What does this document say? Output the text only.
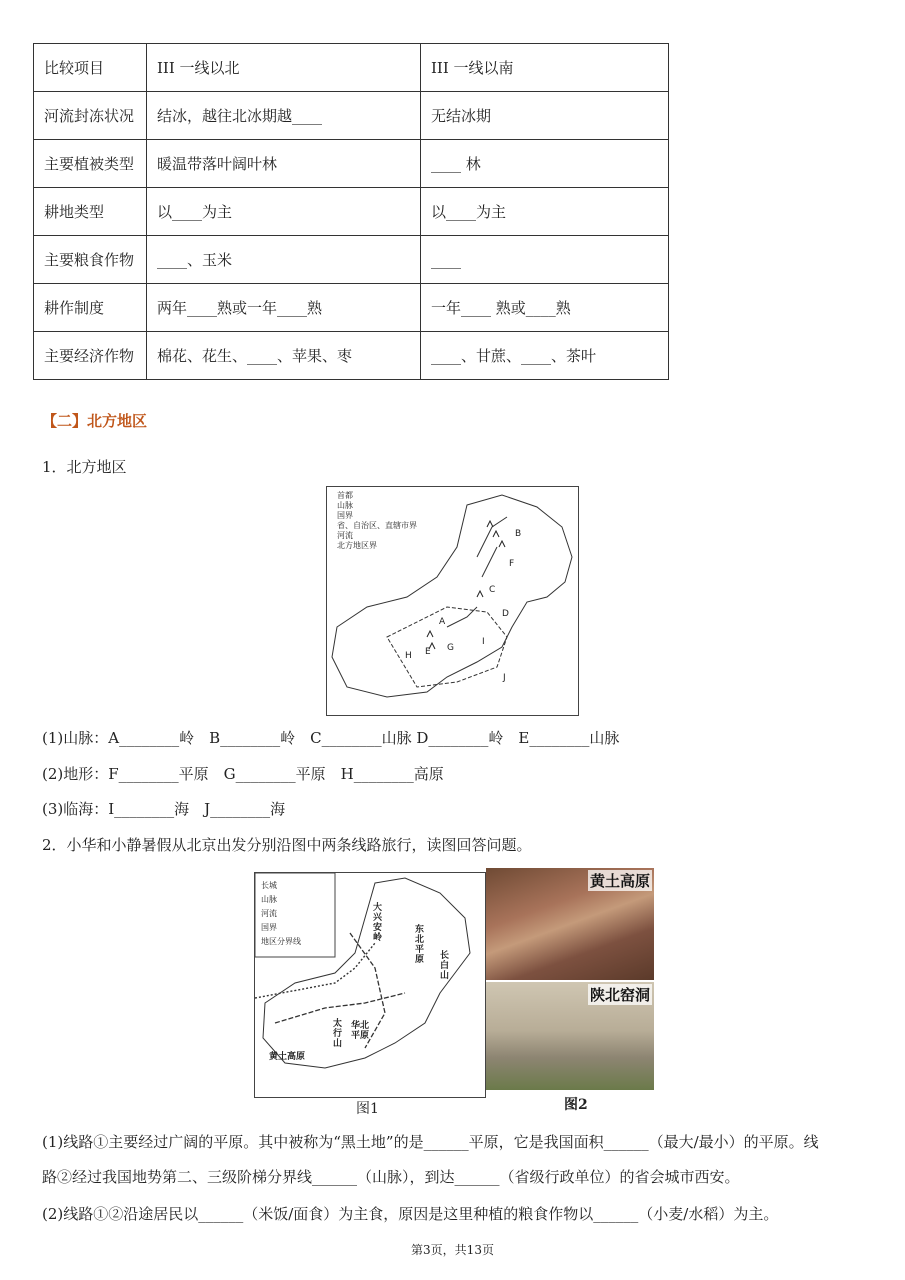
比较项目	III 一线以北	III 一线以南
河流封冻状况	结冰，越往北冰期越____	无结冰期
主要植被类型	暖温带落叶阔叶林	____ 林
耕地类型	以____为主	以____为主
主要粮食作物	____、玉米	____
耕作制度	两年____熟或一年____熟	一年____ 熟或____熟
主要经济作物	棉花、花生、____、苹果、枣	____、甘蔗、____、茶叶
【二】北方地区
1．北方地区
首都
山脉
国界
省、自治区、直辖市界
河流
北方地区界
A
B
C
D
E
F
G
H
I
J
(1)山脉：A________岭　B________岭　C________山脉 D________岭　E________山脉
(2)地形：F________平原　G________平原　H________高原
(3)临海：I________海　J________海
2．小华和小静暑假从北京出发分别沿图中两条线路旅行，读图回答问题。
长城
山脉
河流
国界
地区分界线
大兴安岭
东北平原 长白山
太行山
华北平原
黄土高原
黄土高原
陕北窑洞
图1	图2
(1)线路①主要经过广阔的平原。其中被称为“黑土地”的是______平原，它是我国面积______（最大/最小）的平原。线
路②经过我国地势第二、三级阶梯分界线______（山脉），到达______（省级行政单位）的省会城市西安。
(2)线路①②沿途居民以______（米饭/面食）为主食，原因是这里种植的粮食作物以______（小麦/水稻）为主。
第3页，共13页
